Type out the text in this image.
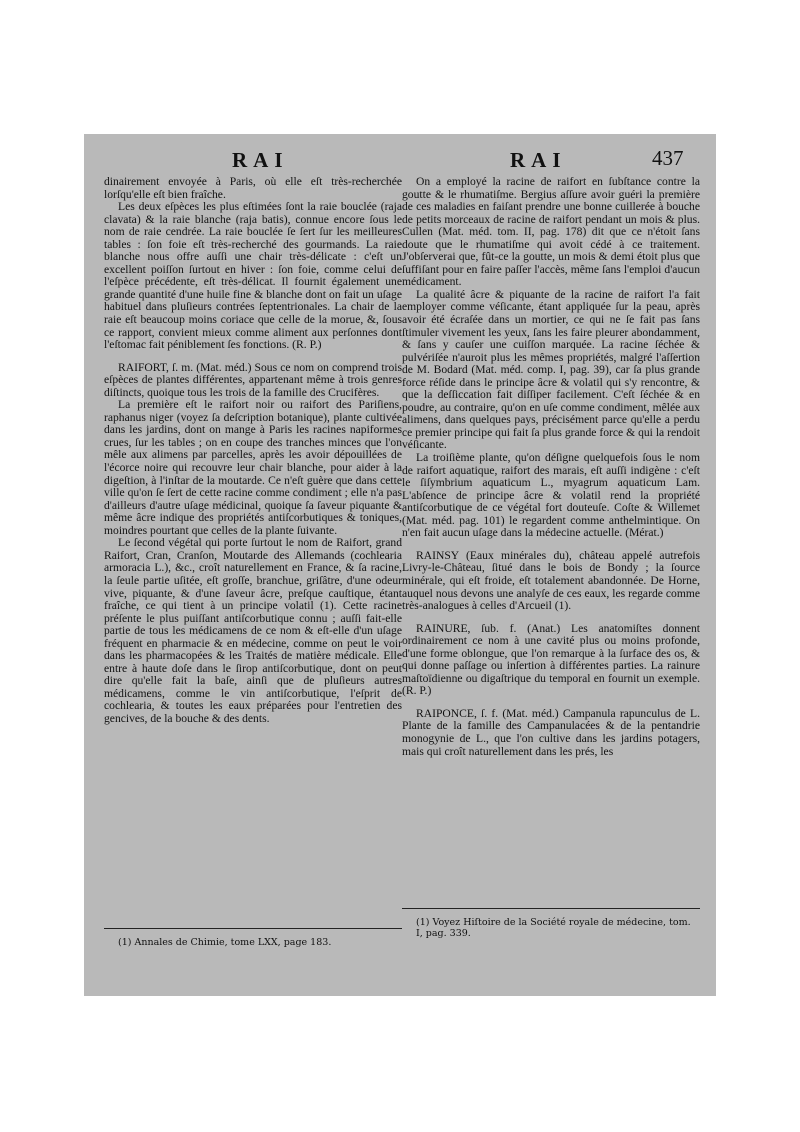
RAI	RAI	437

dinairement envoyée à Paris, où elle eſt très-recherchée lorſqu'elle eſt bien fraîche.

Les deux eſpèces les plus eſtimées ſont la raie bouclée (raja clavata) & la raie blanche (raja batis), connue encore ſous le nom de raie cendrée. La raie bouclée ſe ſert ſur les meilleures tables : ſon foie eſt très-recherché des gourmands. La raie blanche nous offre auſſi une chair très-délicate : c'eſt un excellent poiſſon ſurtout en hiver : ſon foie, comme celui de l'eſpèce précédente, eſt très-délicat. Il fournit également une grande quantité d'une huile fine & blanche dont on fait un uſage habituel dans pluſieurs contrées ſeptentrionales. La chair de la raie eſt beaucoup moins coriace que celle de la morue, &, ſous ce rapport, convient mieux comme aliment aux perſonnes dont l'eſtomac fait péniblement ſes fonctions. (R. P.)

RAIFORT, ſ. m. (Mat. méd.) Sous ce nom on comprend trois eſpèces de plantes différentes, appartenant même à trois genres diſtincts, quoique tous les trois de la famille des Crucifères.

La première eſt le raifort noir ou raifort des Pariſiens, raphanus niger (voyez ſa deſcription botanique), plante cultivée dans les jardins, dont on mange à Paris les racines napiformes crues, ſur les tables ; on en coupe des tranches minces que l'on mêle aux alimens par parcelles, après les avoir dépouillées de l'écorce noire qui recouvre leur chair blanche, pour aider à la digeſtion, à l'inſtar de la moutarde. Ce n'eſt guère que dans cette ville qu'on ſe ſert de cette racine comme condiment ; elle n'a pas d'ailleurs d'autre uſage médicinal, quoique ſa ſaveur piquante & même âcre indique des propriétés antiſcorbutiques & toniques, moindres pourtant que celles de la plante ſuivante.

Le ſecond végétal qui porte ſurtout le nom de Raifort, grand Raifort, Cran, Cranſon, Moutarde des Allemands (cochlearia armoracia L.), &c., croît naturellement en France, & ſa racine, la ſeule partie uſitée, eſt groſſe, branchue, griſâtre, d'une odeur vive, piquante, & d'une ſaveur âcre, preſque cauſtique, étant fraîche, ce qui tient à un principe volatil (1). Cette racine préſente le plus puiſſant antiſcorbutique connu ; auſſi fait-elle partie de tous les médicamens de ce nom & eſt-elle d'un uſage fréquent en pharmacie & en médecine, comme on peut le voir dans les pharmacopées & les Traités de matière médicale. Elle entre à haute doſe dans le ſirop antiſcorbutique, dont on peut dire qu'elle fait la baſe, ainſi que de pluſieurs autres médicamens, comme le vin antiſcorbutique, l'eſprit de cochlearia, & toutes les eaux préparées pour l'entretien des gencives, de la bouche & des dents.

On a employé la racine de raifort en ſubſtance contre la goutte & le rhumatiſme. Bergius aſſure avoir guéri la première de ces maladies en faiſant prendre une bonne cuillerée à bouche de petits morceaux de racine de raifort pendant un mois & plus. Cullen (Mat. méd. tom. II, pag. 178) dit que ce n'étoit ſans doute que le rhumatiſme qui avoit cédé à ce traitement. J'obſerverai que, fût-ce la goutte, un mois & demi étoit plus que ſuffiſant pour en faire paſſer l'accès, même ſans l'emploi d'aucun médicament.

La qualité âcre & piquante de la racine de raifort l'a fait employer comme véſicante, étant appliquée ſur la peau, après avoir été écraſée dans un mortier, ce qui ne ſe fait pas ſans ſtimuler vivement les yeux, ſans les faire pleurer abondamment, & ſans y cauſer une cuiſſon marquée. La racine ſéchée & pulvériſée n'auroit plus les mêmes propriétés, malgré l'aſſertion de M. Bodard (Mat. méd. comp. I, pag. 39), car ſa plus grande force réſide dans le principe âcre & volatil qui s'y rencontre, & que la deſſiccation fait diſſiper facilement. C'eſt ſéchée & en poudre, au contraire, qu'on en uſe comme condiment, mêlée aux alimens, dans quelques pays, précisément parce qu'elle a perdu ce premier principe qui fait ſa plus grande force & qui la rendoit véſicante.

La troiſième plante, qu'on déſigne quelquefois ſous le nom de raifort aquatique, raifort des marais, eſt auſſi indigène : c'eſt le ſiſymbrium aquaticum L., myagrum aquaticum Lam. L'abſence de principe âcre & volatil rend la propriété antiſcorbutique de ce végétal fort douteuſe. Coſte & Willemet (Mat. méd. pag. 101) le regardent comme anthelmintique. On n'en fait aucun uſage dans la médecine actuelle. (Mérat.)

RAINSY (Eaux minérales du), château appelé autrefois Livry-le-Château, ſitué dans le bois de Bondy ; la ſource minérale, qui eſt froide, eſt totalement abandonnée. De Horne, auquel nous devons une analyſe de ces eaux, les regarde comme très-analogues à celles d'Arcueil (1).

RAINURE, ſub. f. (Anat.) Les anatomiſtes donnent ordinairement ce nom à une cavité plus ou moins profonde, d'une forme oblongue, que l'on remarque à la ſurface des os, & qui donne paſſage ou inſertion à différentes parties. La rainure maſtoïdienne ou digaſtrique du temporal en fournit un exemple. (R. P.)

RAIPONCE, ſ. f. (Mat. méd.) Campanula rapunculus de L. Plante de la famille des Campanulacées & de la pentandrie monogynie de L., que l'on cultive dans les jardins potagers, mais qui croît naturellement dans les prés, les

(1) Annales de Chimie, tome LXX, page 183.
(1) Voyez Hiſtoire de la Société royale de médecine, tom. I, pag. 339.
